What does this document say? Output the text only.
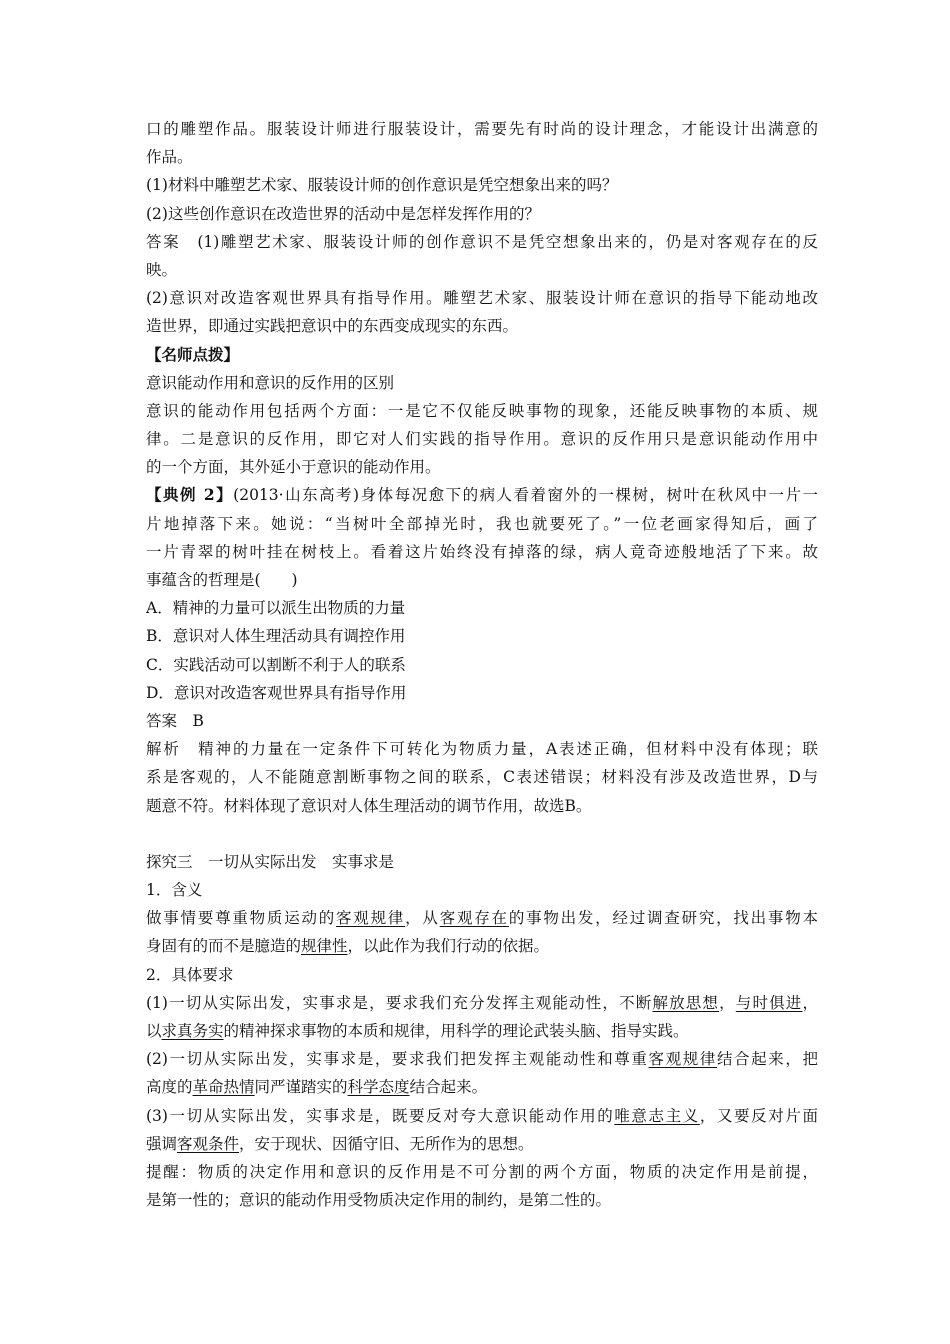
口的雕塑作品。服装设计师进行服装设计，需要先有时尚的设计理念，才能设计出满意的
作品。
(1)材料中雕塑艺术家、服装设计师的创作意识是凭空想象出来的吗？
(2)这些创作意识在改造世界的活动中是怎样发挥作用的？
答案　(1)雕塑艺术家、服装设计师的创作意识不是凭空想象出来的，仍是对客观存在的反
映。
(2)意识对改造客观世界具有指导作用。雕塑艺术家、服装设计师在意识的指导下能动地改
造世界，即通过实践把意识中的东西变成现实的东西。
【名师点拨】
意识能动作用和意识的反作用的区别
意识的能动作用包括两个方面：一是它不仅能反映事物的现象，还能反映事物的本质、规
律。二是意识的反作用，即它对人们实践的指导作用。意识的反作用只是意识能动作用中
的一个方面，其外延小于意识的能动作用。
【典例 2】(2013·山东高考)身体每况愈下的病人看着窗外的一棵树，树叶在秋风中一片一
片地掉落下来。她说：“当树叶全部掉光时，我也就要死了。”一位老画家得知后，画了
一片青翠的树叶挂在树枝上。看着这片始终没有掉落的绿，病人竟奇迹般地活了下来。故
事蕴含的哲理是(　　)
A．精神的力量可以派生出物质的力量
B．意识对人体生理活动具有调控作用
C．实践活动可以割断不利于人的联系
D．意识对改造客观世界具有指导作用
答案　B
解析　精神的力量在一定条件下可转化为物质力量，A表述正确，但材料中没有体现；联
系是客观的，人不能随意割断事物之间的联系，C表述错误；材料没有涉及改造世界，D与
题意不符。材料体现了意识对人体生理活动的调节作用，故选B。
探究三　一切从实际出发　实事求是
1．含义
做事情要尊重物质运动的客观规律，从客观存在的事物出发，经过调查研究，找出事物本
身固有的而不是臆造的规律性，以此作为我们行动的依据。
2．具体要求
(1)一切从实际出发，实事求是，要求我们充分发挥主观能动性，不断解放思想，与时俱进，
以求真务实的精神探求事物的本质和规律，用科学的理论武装头脑、指导实践。
(2)一切从实际出发，实事求是，要求我们把发挥主观能动性和尊重客观规律结合起来，把
高度的革命热情同严谨踏实的科学态度结合起来。
(3)一切从实际出发，实事求是，既要反对夸大意识能动作用的唯意志主义，又要反对片面
强调客观条件，安于现状、因循守旧、无所作为的思想。
提醒：物质的决定作用和意识的反作用是不可分割的两个方面，物质的决定作用是前提，
是第一性的；意识的能动作用受物质决定作用的制约，是第二性的。
